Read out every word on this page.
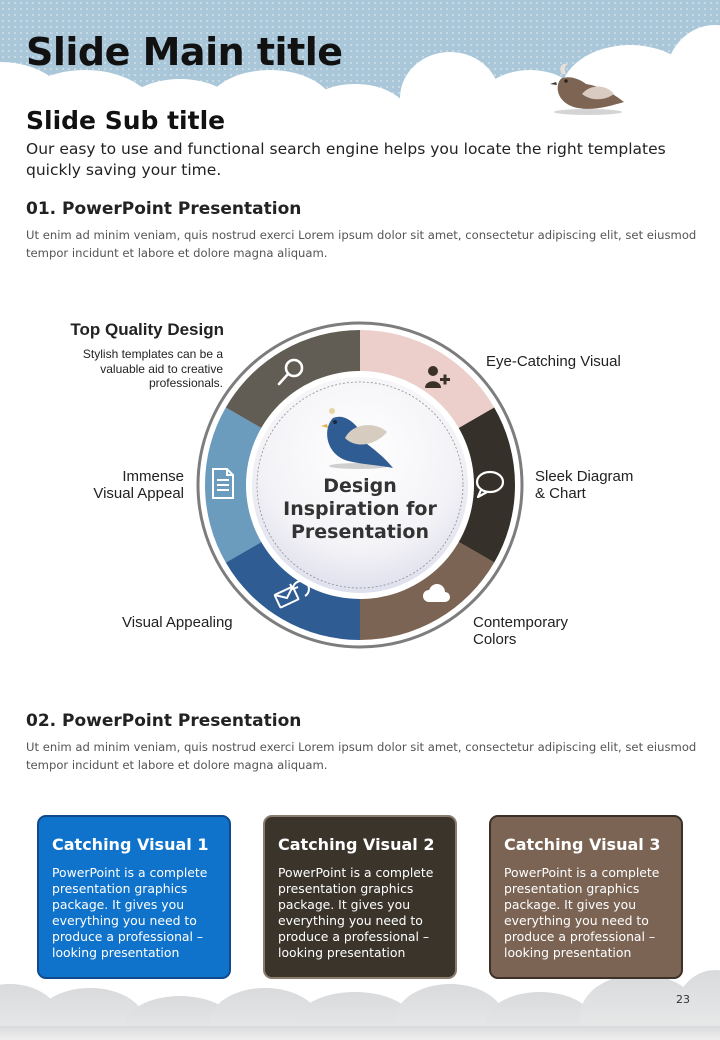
Slide Main title
Slide Sub title
Our easy to use and functional search engine helps you locate the right templates quickly saving your time.
01. PowerPoint Presentation
Ut enim ad minim veniam, quis nostrud exerci Lorem ipsum dolor sit amet, consectetur adipiscing elit, set eiusmod tempor incidunt et labore et dolore magna aliquam.
Design Inspiration for Presentation
Top Quality Design
Stylish templates can be a valuable aid to creative professionals.
Eye-Catching Visual
Sleek Diagram
& Chart
Contemporary
Colors
Visual Appealing
Immense
Visual Appeal
02. PowerPoint Presentation
Ut enim ad minim veniam, quis nostrud exerci Lorem ipsum dolor sit amet, consectetur adipiscing elit, set eiusmod tempor incidunt et labore et dolore magna aliquam.
Catching Visual 1
PowerPoint is a complete presentation graphics package. It gives you everything you need to produce a professional – looking presentation
Catching Visual 2
PowerPoint is a complete presentation graphics package. It gives you everything you need to produce a professional – looking presentation
Catching Visual 3
PowerPoint is a complete presentation graphics package. It gives you everything you need to produce a professional – looking presentation
23
